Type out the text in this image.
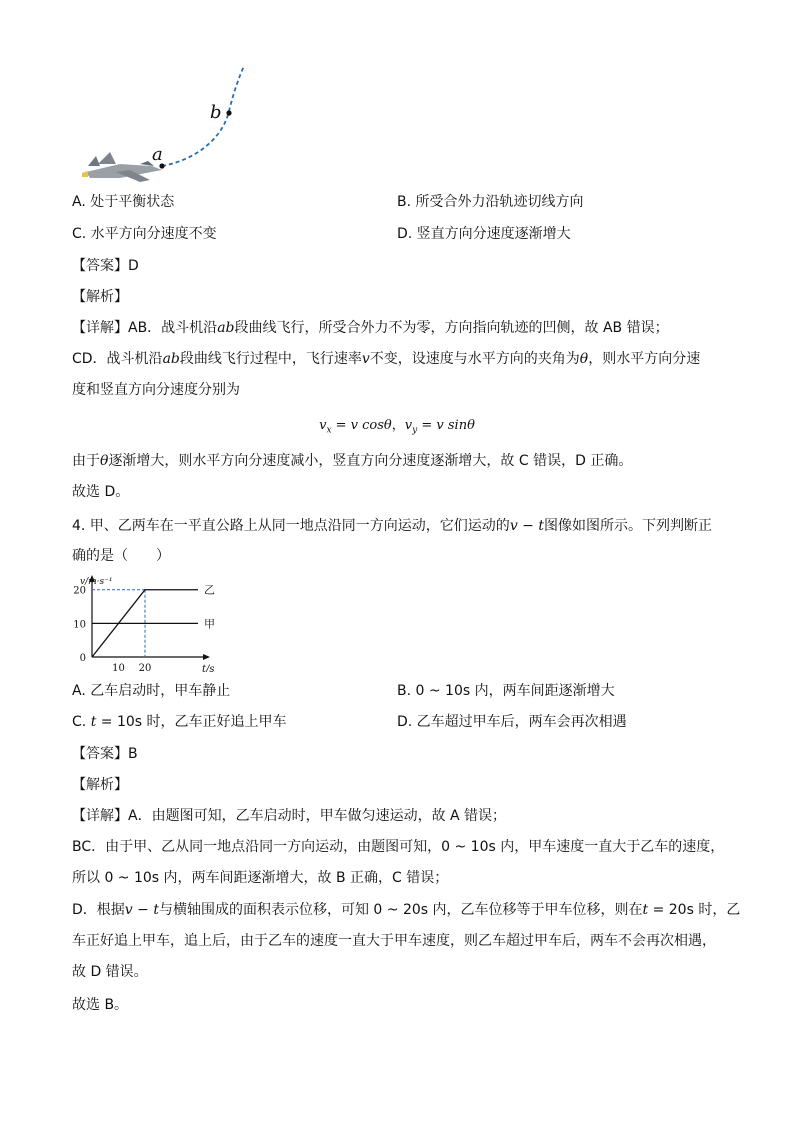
a
b
A. 处于平衡状态	B. 所受合外力沿轨迹切线方向
C. 水平方向分速度不变	D. 竖直方向分速度逐渐增大
【答案】D
【解析】
【详解】AB．战斗机沿ab段曲线飞行，所受合外力不为零，方向指向轨迹的凹侧，故 AB 错误；
CD．战斗机沿ab段曲线飞行过程中，飞行速率v不变，设速度与水平方向的夹角为θ，则水平方向分速
度和竖直方向分速度分别为
$v_x = v$ cosθ，$v_y = v$ sinθ
由于θ逐渐增大，则水平方向分速度减小，竖直方向分速度逐渐增大，故 C 错误，D 正确。
故选 D。
4. 甲、乙两车在一平直公路上从同一地点沿同一方向运动，它们运动的v − t图像如图所示。下列判断正
确的是（　　）
v/m·s⁻¹
t/s
0
10
20
10 20
甲
乙
A. 乙车启动时，甲车静止	B. 0 ~ 10s 内，两车间距逐渐增大
C. t = 10s 时，乙车正好追上甲车	D. 乙车超过甲车后，两车会再次相遇
【答案】B
【解析】
【详解】A．由题图可知，乙车启动时，甲车做匀速运动，故 A 错误；
BC．由于甲、乙从同一地点沿同一方向运动，由题图可知，0 ~ 10s 内，甲车速度一直大于乙车的速度，
所以 0 ~ 10s 内，两车间距逐渐增大，故 B 正确，C 错误；
D．根据v − t与横轴围成的面积表示位移，可知 0 ~ 20s 内，乙车位移等于甲车位移，则在t = 20s 时，乙
车正好追上甲车，追上后，由于乙车的速度一直大于甲车速度，则乙车超过甲车后，两车不会再次相遇，
故 D 错误。
故选 B。
